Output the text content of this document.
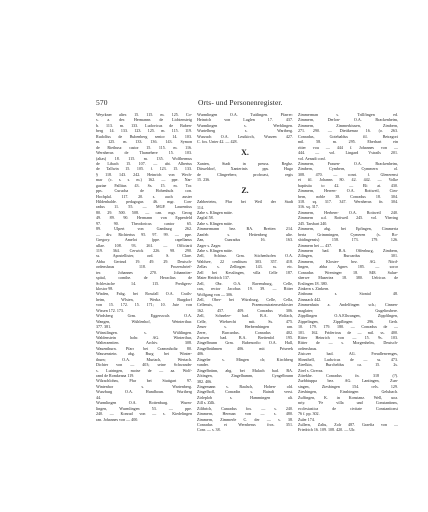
570	Orts- und Personenregister.
Weyrkner alter. 15. 115. m. 125. Co-
s. a. der. Hermanns de Lichtensteig
b. 113. m. 133. Ludovicus de Buben-
berg 14. 133. 123. 125. m. 115. 119.
Rudolfus de Bubenberg senior 14. 103.
m. 125. m. 133. 136. 143. Symon
de Riethusz castor 15. 115. m. 116.
Wernherus de Thamehere 15. 103.
(alias) 18. 115. m. 135. Wolfhermus
de Libach 15. 107. — abt. Albertus
de Tallwin 15. 105. f. 123. 15. 133.
§ 118. 143. 242. Heinrich von Wech-
mar (c. s. s. m.) 162. — ppe. Nar-
gaziae Pallitus 43. Ss. 15. m. Tor.
pps. Curucha de Hohenhuls con.
Hochplal. 117. 20. s. auch auster
Hildenhalde. pedagogus 46. mgr. Con-
radus 11. 55. — MGP. Laurentius
80. 29. 500. 508. — can. mgr. Georg
49. 89. 90. Hermann von Eppenfeld
97. 90. Theodoricus cantor 65.
89. Ulpert von Gamburg 262.
— div. Richterius 95. 97. 99. — ppe.
Gregory. Amelot (ppe. capellanus
ullae. 108. 93. 261. — Officiarii
119. 364. Cerwick 226. 98. 290.
ss. Apostellister, ord. S. Clare.
Abba Gertrud 19. 49. 29. Deutsch-
ordenshaus 118. Prozessbrief-
ter. Johannes 270. Johanniter-
spital, comthe. de Heraclius de
Schlesische 14. 115. Predigers-
klostor 98.
Wisden, Fabg. bei Rossfall O.A. Crails-
heim, Wlsten, Werkz. Burgdorf
von 15. 172. 15. 171; 10. Jute von
Wissen 172. 173.
Wirdsberg Grm. Eggerswals O.A.
Wangen, Wühlenhof, Weinterthur.
377. 381.
Wiinstlingen. s. Wältlingen.
Waldenstein hohr. AG. Winterthur,
Walteraentien. Archiv. 308.
Wauenthurn. Pfarr bei Crammholtz 80.
Wausenstein. abg. Burg bei Winter-
thurn; O.A. Murtach, Wertach.
Dichter von — 403; seine Schwandn-
s. Lutringen, moise de — aa. Wolf-
rand de Romkeana 119.
Wilzachlohm, Pfar bei Stuttgart 97.
Wintenhor s. Wartenberg.
Wurzburg O.A. Hundhoun. Wurtherg
44.
Wurmlingen O.A. Rottenburg. Wurm-
lingen, Wurmlingen 53. — ppe.
240. — Konrad von — s. Kiedelingen
ran. Johannes von — 400.
Wurmlingen O.A. Tuttlingen. Pfarrer:
Heinrich von Luglen 17. 437.
Wurmlingen s. Werblingen.
Wurtelberg s. Wartberg.
Wurzach O.A. Leutkirch, Wurzen 427.
C. fox. Unter 42. — 428.
X.
Xanten, Stadt in preuss. Regbz.
Düsseldorf, Xanterinis pps. Hugo
de Clingeeberr, profroast, regis
15. 236.
Z.
Zabberteim, Pfar bei Weil der Stadt
114.
Zabe s. Klingen müte.
Zagfal 58.
Zahe s. Klingen müte.
Zimmermann bez. BA. Breiten 214.
Zanfeh s. Hettenberg ulte.
Zan, Cunradus 16. 163.
Zager s. Zager.
Zabe s. Klingen müte.
Zell, Schönz. Grm. Stichenhofen O.A.
Waldsee, 22 cenlitum 303. 357. 418.
Zellas s. Zellingen 143. ss. etc.
Zell bei Kesslingen, villa Celle 187.
Maier Heidrich 137.
Zell, Obr. O.A. Ravensburg, Celle,
can, rector Jacobus 19. 39. — Ritter
Wolfgang von — 306.
Zell, Ober- bei Würzburg, Celle, Cella,
Cellensis, Praemonstratenserkloster
162. 457. 409. Conradus 306.
Zell, Schnelee- bad. B.A. Wolfach,
Celle, Wiebrecht mit. Ss. 475.
Zeuer s. Herbernhingen ran.
Zerer, Burcardus. Conradus 402.
Zwisen bad. B.A. Breitenfol 195.
Zingelbrunn Grm. Bubenorfio O.A. Hall,
Zingelbrühmen 406. mit Priserek
406.
Zingeler s. Mingen ch; Kirchberg
vander.
Zingelbrünn, abg. bei Mulach bad. BA.
Zötingen, Zingelhumm, Cyngelbrunn
382. 406.
Zingemann s. Baalsch, Hohen- old.
Zingelhofl, Conradin s. Baindt versi.
Zirleplob s. Hammingen alt.
Zill s. Zilli.
Zilibrich, Cunradus fox. — s. 240.
Zimmern, Herman von — s. 480.
Zimmern, Zimmerle C. der — s. 38.
Conradus et Wernherus fros. 351.
Conr. — s. 38.
Zimmerman s. Trillfingen ed.
Zimmern, Derlon- O.A. Brackenheim,
Zimmern, Zimmerkiusen, Zimbern,
271. 290. — Dietikemar 16. (o. 263.
Conradus, Gotebaldus fil. Betragori
mil. 58. m. 295. Eberhart ein
ritter vou — 444 f. Johannes von —
444. — vol. Lingard Vstrails 201.
vol. Aenadi conf.
Zimmern, Frauen- O.A. Brackenheim,
Zimbern, Cymbern, Cymmern ol.
308. 470. — conrt. f. Glenerensi
et fil. Johanns 80. 42. 442. — Volke
baptistia to 42. — Eli ai. 430.
Zimmern, Herren- O.A. Rottweil, Cim-
bern, noble 38. Conradus 18. 304.
318. sq. 317. 347. Wernherus fn. 304.
316. sq. 317.
Zimmern, Herbern- O.A. Rottweil 240.
Zimmern a.d. Rottweil 245. vol. Ybering
245. Tarsbart 240.
Zimmern, abg. bei Epfingen, Cimmeria
berta Grimmingen, Cymeren (s. Ro-
sbidingensis) 158. 173. 179. 126.
Zimmern bei — 437.
Zimmern bad. B.A. Offenburg, Zimbern,
Zilingen, Burcardus 301.
Zimmern, Kloster- bez. AG. Nörd-
lingen, abba Agnes 185. — soror
Conradus Wreninger 18. 848. Salue-
sberwe Mazeriea 18. 380. Uelricus de
Erslingen 18. 380.
Zinkern s. Zinkern.
Zinbranz s. Sionial 48.
Zinnzach 442.
Zimmenhain a. Andelfingen sch.; Cinnen-
maglater; Gugelinsbere.
Zippflingen O.A.Ellwangen, Zippfilngen,
Zippelingen, Zippflingen 296. Gerh.
10. 179. 179. 180. — Conradus de —
101. 162. Fridericus de — mil. ss. 400.
Ritter Heinrich von — 15. 9s. 103.
Ritter de — s. Morgenhelm, Deutsch-
ordenshaus.
Zisiczer bad. AG. Freudlenvenges,
Slinnthell, Ludwicus de — ss. 473.
Zieelkin, Burcheldus ca. 15. 2s.
Zirel s. Cireraz.
Ziirekhe. Conradus fn. 318 (?).
Zurbbtuppa bez. AG. Lantingen, Zun-
singen, Ziesbingen 154. cels. 129.
Ziesbingen, Einsbingen Gelubach.
Zuffingen, K. in Konstanz. Well, uoa.
nriy. 'Fe villa und Constantinns,
ecclesiastica de civitate Constanticnsi
76 f. pp. 302.
Zuler 174.
Zullern, Zaltu, Zolr 487. Graefia von —
Friedrich 16. 109. 108. 420. — Ulr.
